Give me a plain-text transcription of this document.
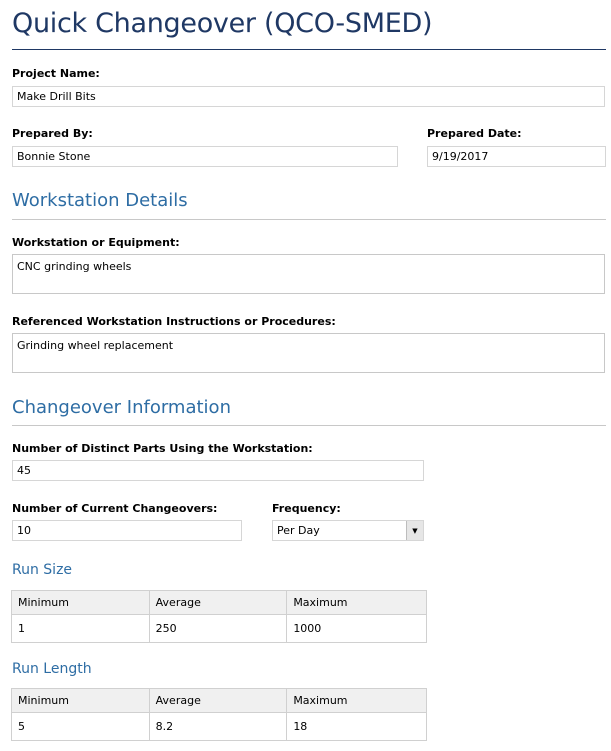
Quick Changeover (QCO-SMED)
Project Name:
Make Drill Bits
Prepared By:
Bonnie Stone
Prepared Date:
9/19/2017
Workstation Details
Workstation or Equipment:
CNC grinding wheels
Referenced Workstation Instructions or Procedures:
Grinding wheel replacement
Changeover Information
Number of Distinct Parts Using the Workstation:
45
Number of Current Changeovers:
10
Frequency:
Per Day	▼
Run Size
Minimum	Average	Maximum
1	250	1000
Run Length
Minimum	Average	Maximum
5	8.2	18
